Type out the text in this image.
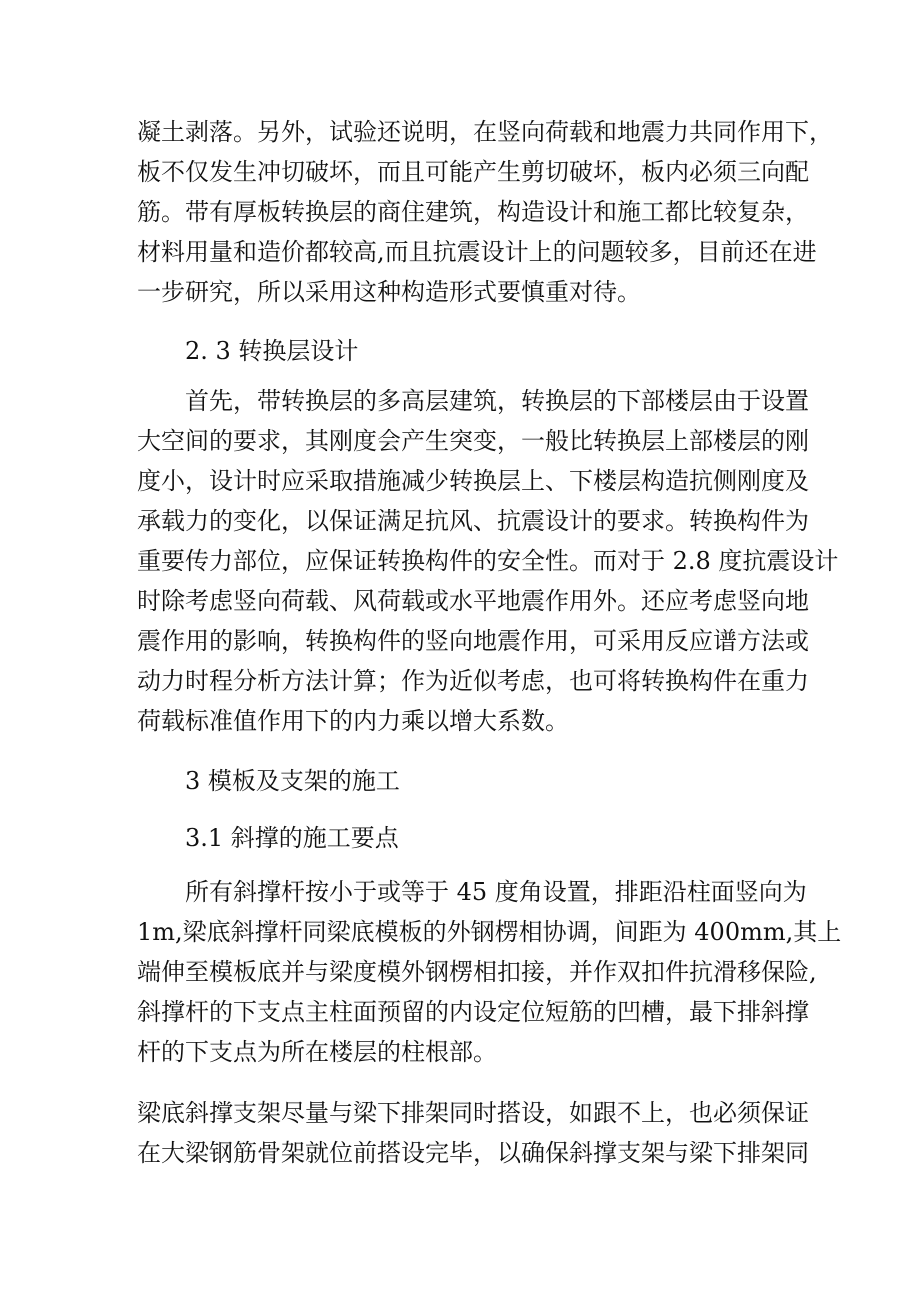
凝土剥落。另外，试验还说明，在竖向荷载和地震力共同作用下，
板不仅发生冲切破坏，而且可能产生剪切破坏，板内必须三向配
筋。带有厚板转换层的商住建筑，构造设计和施工都比较复杂，
材料用量和造价都较高,而且抗震设计上的问题较多，目前还在进
一步研究，所以采用这种构造形式要慎重对待。
2. 3 转换层设计
首先，带转换层的多高层建筑，转换层的下部楼层由于设置
大空间的要求，其刚度会产生突变，一般比转换层上部楼层的刚
度小，设计时应采取措施减少转换层上、下楼层构造抗侧刚度及
承载力的变化，以保证满足抗风、抗震设计的要求。转换构件为
重要传力部位，应保证转换构件的安全性。而对于 2.8 度抗震设计
时除考虑竖向荷载、风荷载或水平地震作用外。还应考虑竖向地
震作用的影响，转换构件的竖向地震作用，可采用反应谱方法或
动力时程分析方法计算；作为近似考虑，也可将转换构件在重力
荷载标准值作用下的内力乘以增大系数。
3 模板及支架的施工
3.1 斜撑的施工要点
所有斜撑杆按小于或等于 45 度角设置，排距沿柱面竖向为
1m,梁底斜撑杆同梁底模板的外钢楞相协调，间距为 400mm,其上
端伸至模板底并与梁度模外钢楞相扣接，并作双扣件抗滑移保险,
斜撑杆的下支点主柱面预留的内设定位短筋的凹槽，最下排斜撑
杆的下支点为所在楼层的柱根部。
梁底斜撑支架尽量与梁下排架同时搭设，如跟不上，也必须保证
在大梁钢筋骨架就位前搭设完毕，以确保斜撑支架与梁下排架同
